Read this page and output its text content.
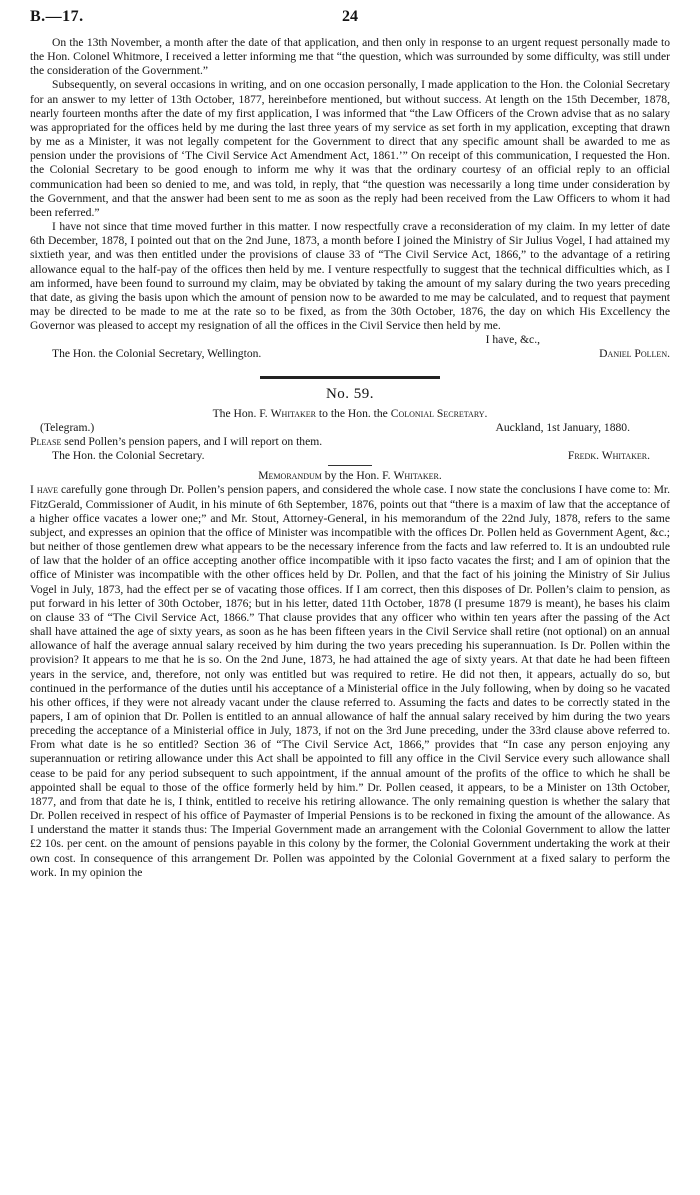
B.—17.	24

On the 13th November, a month after the date of that application, and then only in response to an urgent request personally made to the Hon. Colonel Whitmore, I received a letter informing me that “the question, which was surrounded by some difficulty, was still under the consideration of the Government.”

Subsequently, on several occasions in writing, and on one occasion personally, I made application to the Hon. the Colonial Secretary for an answer to my letter of 13th October, 1877, hereinbefore mentioned, but without success. At length on the 15th December, 1878, nearly fourteen months after the date of my first application, I was informed that “the Law Officers of the Crown advise that as no salary was appropriated for the offices held by me during the last three years of my service as set forth in my application, excepting that drawn by me as a Minister, it was not legally competent for the Government to direct that any specific amount shall be awarded to me as pension under the provisions of ‘The Civil Service Act Amendment Act, 1861.’” On receipt of this communication, I requested the Hon. the Colonial Secretary to be good enough to inform me why it was that the ordinary courtesy of an official reply to an official communication had been so denied to me, and was told, in reply, that “the question was necessarily a long time under consideration by the Government, and that the answer had been sent to me as soon as the reply had been received from the Law Officers to whom it had been referred.”

I have not since that time moved further in this matter. I now respectfully crave a reconsideration of my claim. In my letter of date 6th December, 1878, I pointed out that on the 2nd June, 1873, a month before I joined the Ministry of Sir Julius Vogel, I had attained my sixtieth year, and was then entitled under the provisions of clause 33 of “The Civil Service Act, 1866,” to the advantage of a retiring allowance equal to the half-pay of the offices then held by me. I venture respectfully to suggest that the technical difficulties which, as I am informed, have been found to surround my claim, may be obviated by taking the amount of my salary during the two years preceding that date, as giving the basis upon which the amount of pension now to be awarded to me may be calculated, and to request that payment may be directed to be made to me at the rate so to be fixed, as from the 30th October, 1876, the day on which His Excellency the Governor was pleased to accept my resignation of all the offices in the Civil Service then held by me.

I have, &c.,
The Hon. the Colonial Secretary, Wellington.	Daniel Pollen.
No. 59.
The Hon. F. Whitaker to the Hon. the Colonial Secretary.
(Telegram.)	Auckland, 1st January, 1880.

Please send Pollen’s pension papers, and I will report on them.

The Hon. the Colonial Secretary.	Fredk. Whitaker.
Memorandum by the Hon. F. Whitaker.

I have carefully gone through Dr. Pollen’s pension papers, and considered the whole case. I now state the conclusions I have come to: Mr. FitzGerald, Commissioner of Audit, in his minute of 6th September, 1876, points out that “there is a maxim of law that the acceptance of a higher office vacates a lower one;” and Mr. Stout, Attorney-General, in his memorandum of the 22nd July, 1878, refers to the same subject, and expresses an opinion that the office of Minister was incompatible with the offices Dr. Pollen held as Government Agent, &c.; but neither of those gentlemen drew what appears to be the necessary inference from the facts and law referred to. It is an undoubted rule of law that the holder of an office accepting another office incompatible with it ipso facto vacates the first; and I am of opinion that the office of Minister was incompatible with the other offices held by Dr. Pollen, and that the fact of his joining the Ministry of Sir Julius Vogel in July, 1873, had the effect per se of vacating those offices. If I am correct, then this disposes of Dr. Pollen’s claim to pension, as put forward in his letter of 30th October, 1876; but in his letter, dated 11th October, 1878 (I presume 1879 is meant), he bases his claim on clause 33 of “The Civil Service Act, 1866.” That clause provides that any officer who within ten years after the passing of the Act shall have attained the age of sixty years, as soon as he has been fifteen years in the Civil Service shall retire (not optional) on an annual allowance of half the average annual salary received by him during the two years preceding his superannuation. Is Dr. Pollen within the provision? It appears to me that he is so. On the 2nd June, 1873, he had attained the age of sixty years. At that date he had been fifteen years in the service, and, therefore, not only was entitled but was required to retire. He did not then, it appears, actually do so, but continued in the performance of the duties until his acceptance of a Ministerial office in the July following, when by doing so he vacated his other offices, if they were not already vacant under the clause referred to. Assuming the facts and dates to be correctly stated in the papers, I am of opinion that Dr. Pollen is entitled to an annual allowance of half the annual salary received by him during the two years preceding the acceptance of a Ministerial office in July, 1873, if not on the 3rd June preceding, under the 33rd clause above referred to. From what date is he so entitled? Section 36 of “The Civil Service Act, 1866,” provides that “In case any person enjoying any superannuation or retiring allowance under this Act shall be appointed to fill any office in the Civil Service every such allowance shall cease to be paid for any period subsequent to such appointment, if the annual amount of the profits of the office to which he shall be appointed shall be equal to those of the office formerly held by him.” Dr. Pollen ceased, it appears, to be a Minister on 13th October, 1877, and from that date he is, I think, entitled to receive his retiring allowance. The only remaining question is whether the salary that Dr. Pollen received in respect of his office of Paymaster of Imperial Pensions is to be reckoned in fixing the amount of the allowance. As I understand the matter it stands thus: The Imperial Government made an arrangement with the Colonial Government to allow the latter £2 10s. per cent. on the amount of pensions payable in this colony by the former, the Colonial Government undertaking the work at their own cost. In consequence of this arrangement Dr. Pollen was appointed by the Colonial Government at a fixed salary to perform the work. In my opinion the
